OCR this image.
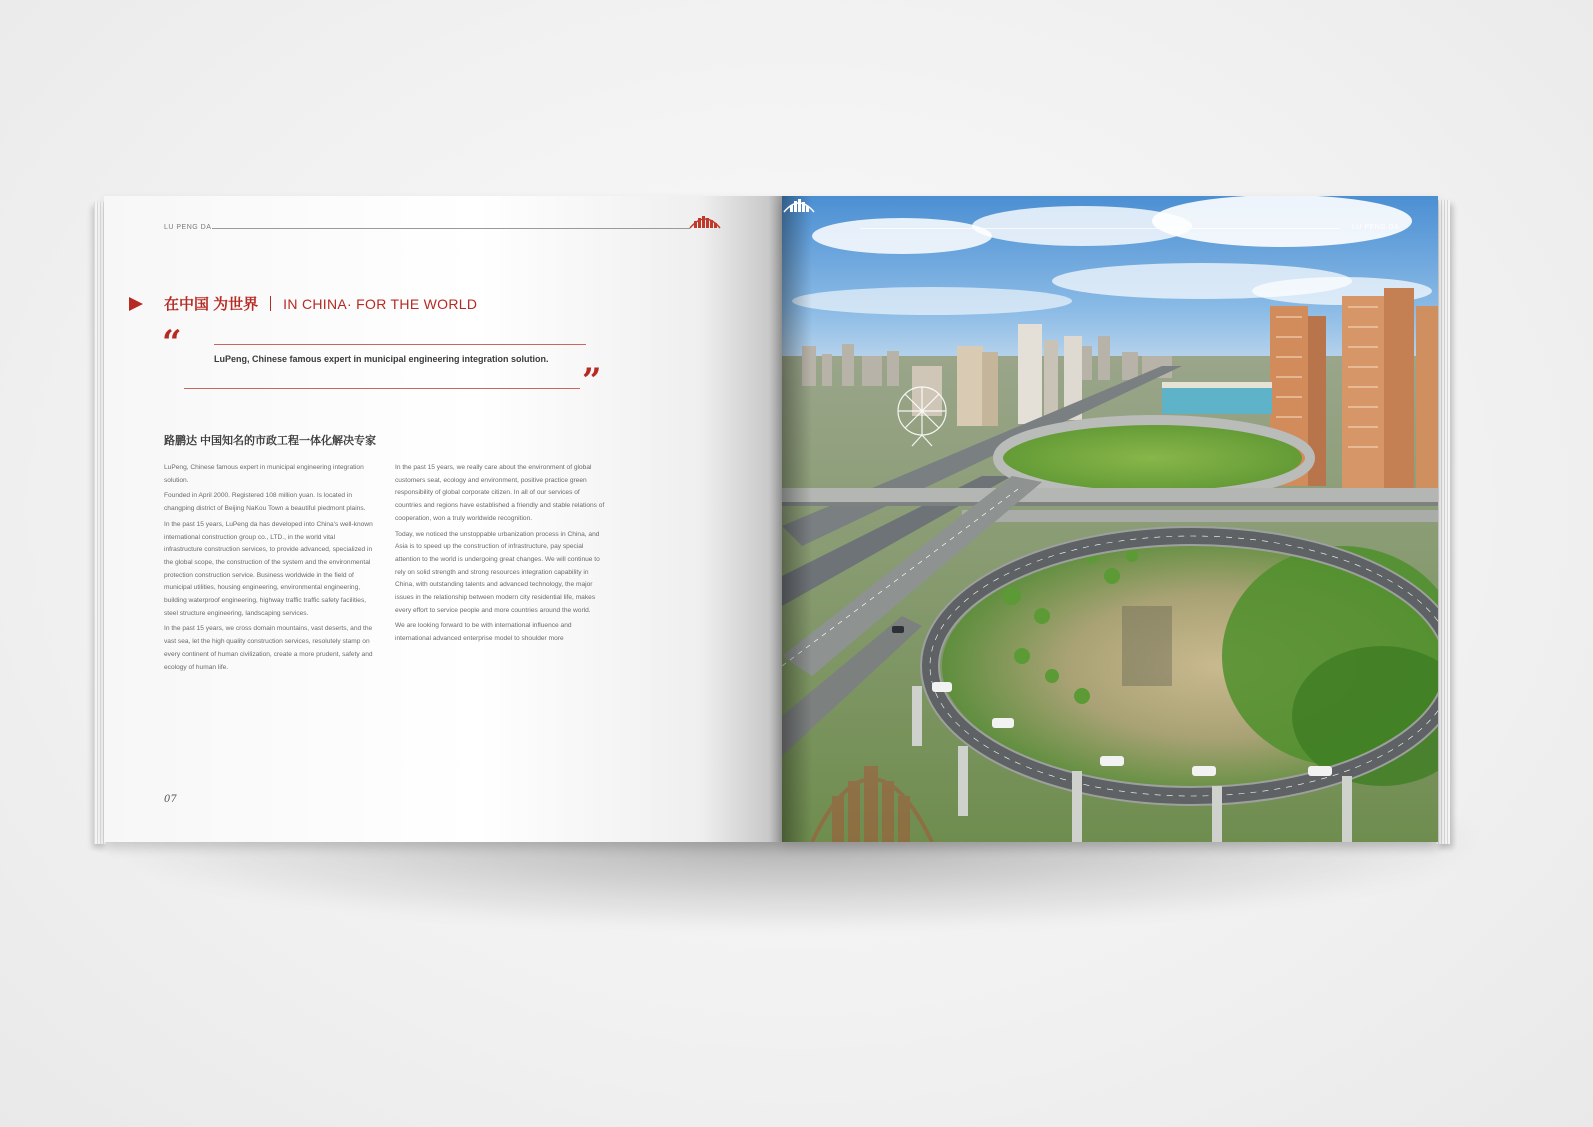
LU PENG DA
在中国 为世界 IN CHINA· FOR THE WORLD
“	LuPeng, Chinese famous expert in municipal engineering integration solution.
”
路鹏达 中国知名的市政工程一体化解决专家

LuPeng, Chinese famous expert in municipal engineering integration solution.

Founded in April 2000. Registered 108 million yuan. Is located in changping district of Beijing NaKou Town a beautiful piedmont plains.

In the past 15 years, LuPeng da has developed into China's well-known international construction group co., LTD., in the world vital infrastructure construction services, to provide advanced, specialized in the global scope, the construction of the system and the environmental protection construction service. Business worldwide in the field of municipal utilities, housing engineering, environmental engineering, building waterproof engineering, highway traffic traffic safety facilities, steel structure engineering, landscaping services.

In the past 15 years, we cross domain mountains, vast deserts, and the vast sea, let the high quality construction services, resolutely stamp on every continent of human civilization, create a more prudent, safety and ecology of human life.

In the past 15 years, we really care about the environment of global customers seat, ecology and environment, positive practice green responsibility of global corporate citizen. In all of our services of countries and regions have established a friendly and stable relations of cooperation, won a truly worldwide recognition.

Today, we noticed the unstoppable urbanization process in China, and Asia is to speed up the construction of infrastructure, pay special attention to the world is undergoing great changes. We will continue to rely on solid strength and strong resources integration capability in China, with outstanding talents and advanced technology, the major issues in the relationship between modern city residential life, makes every effort to service people and more countries around the world.

We are looking forward to be with international influence and international advanced enterprise model to shoulder more

07
LU PENG DA
